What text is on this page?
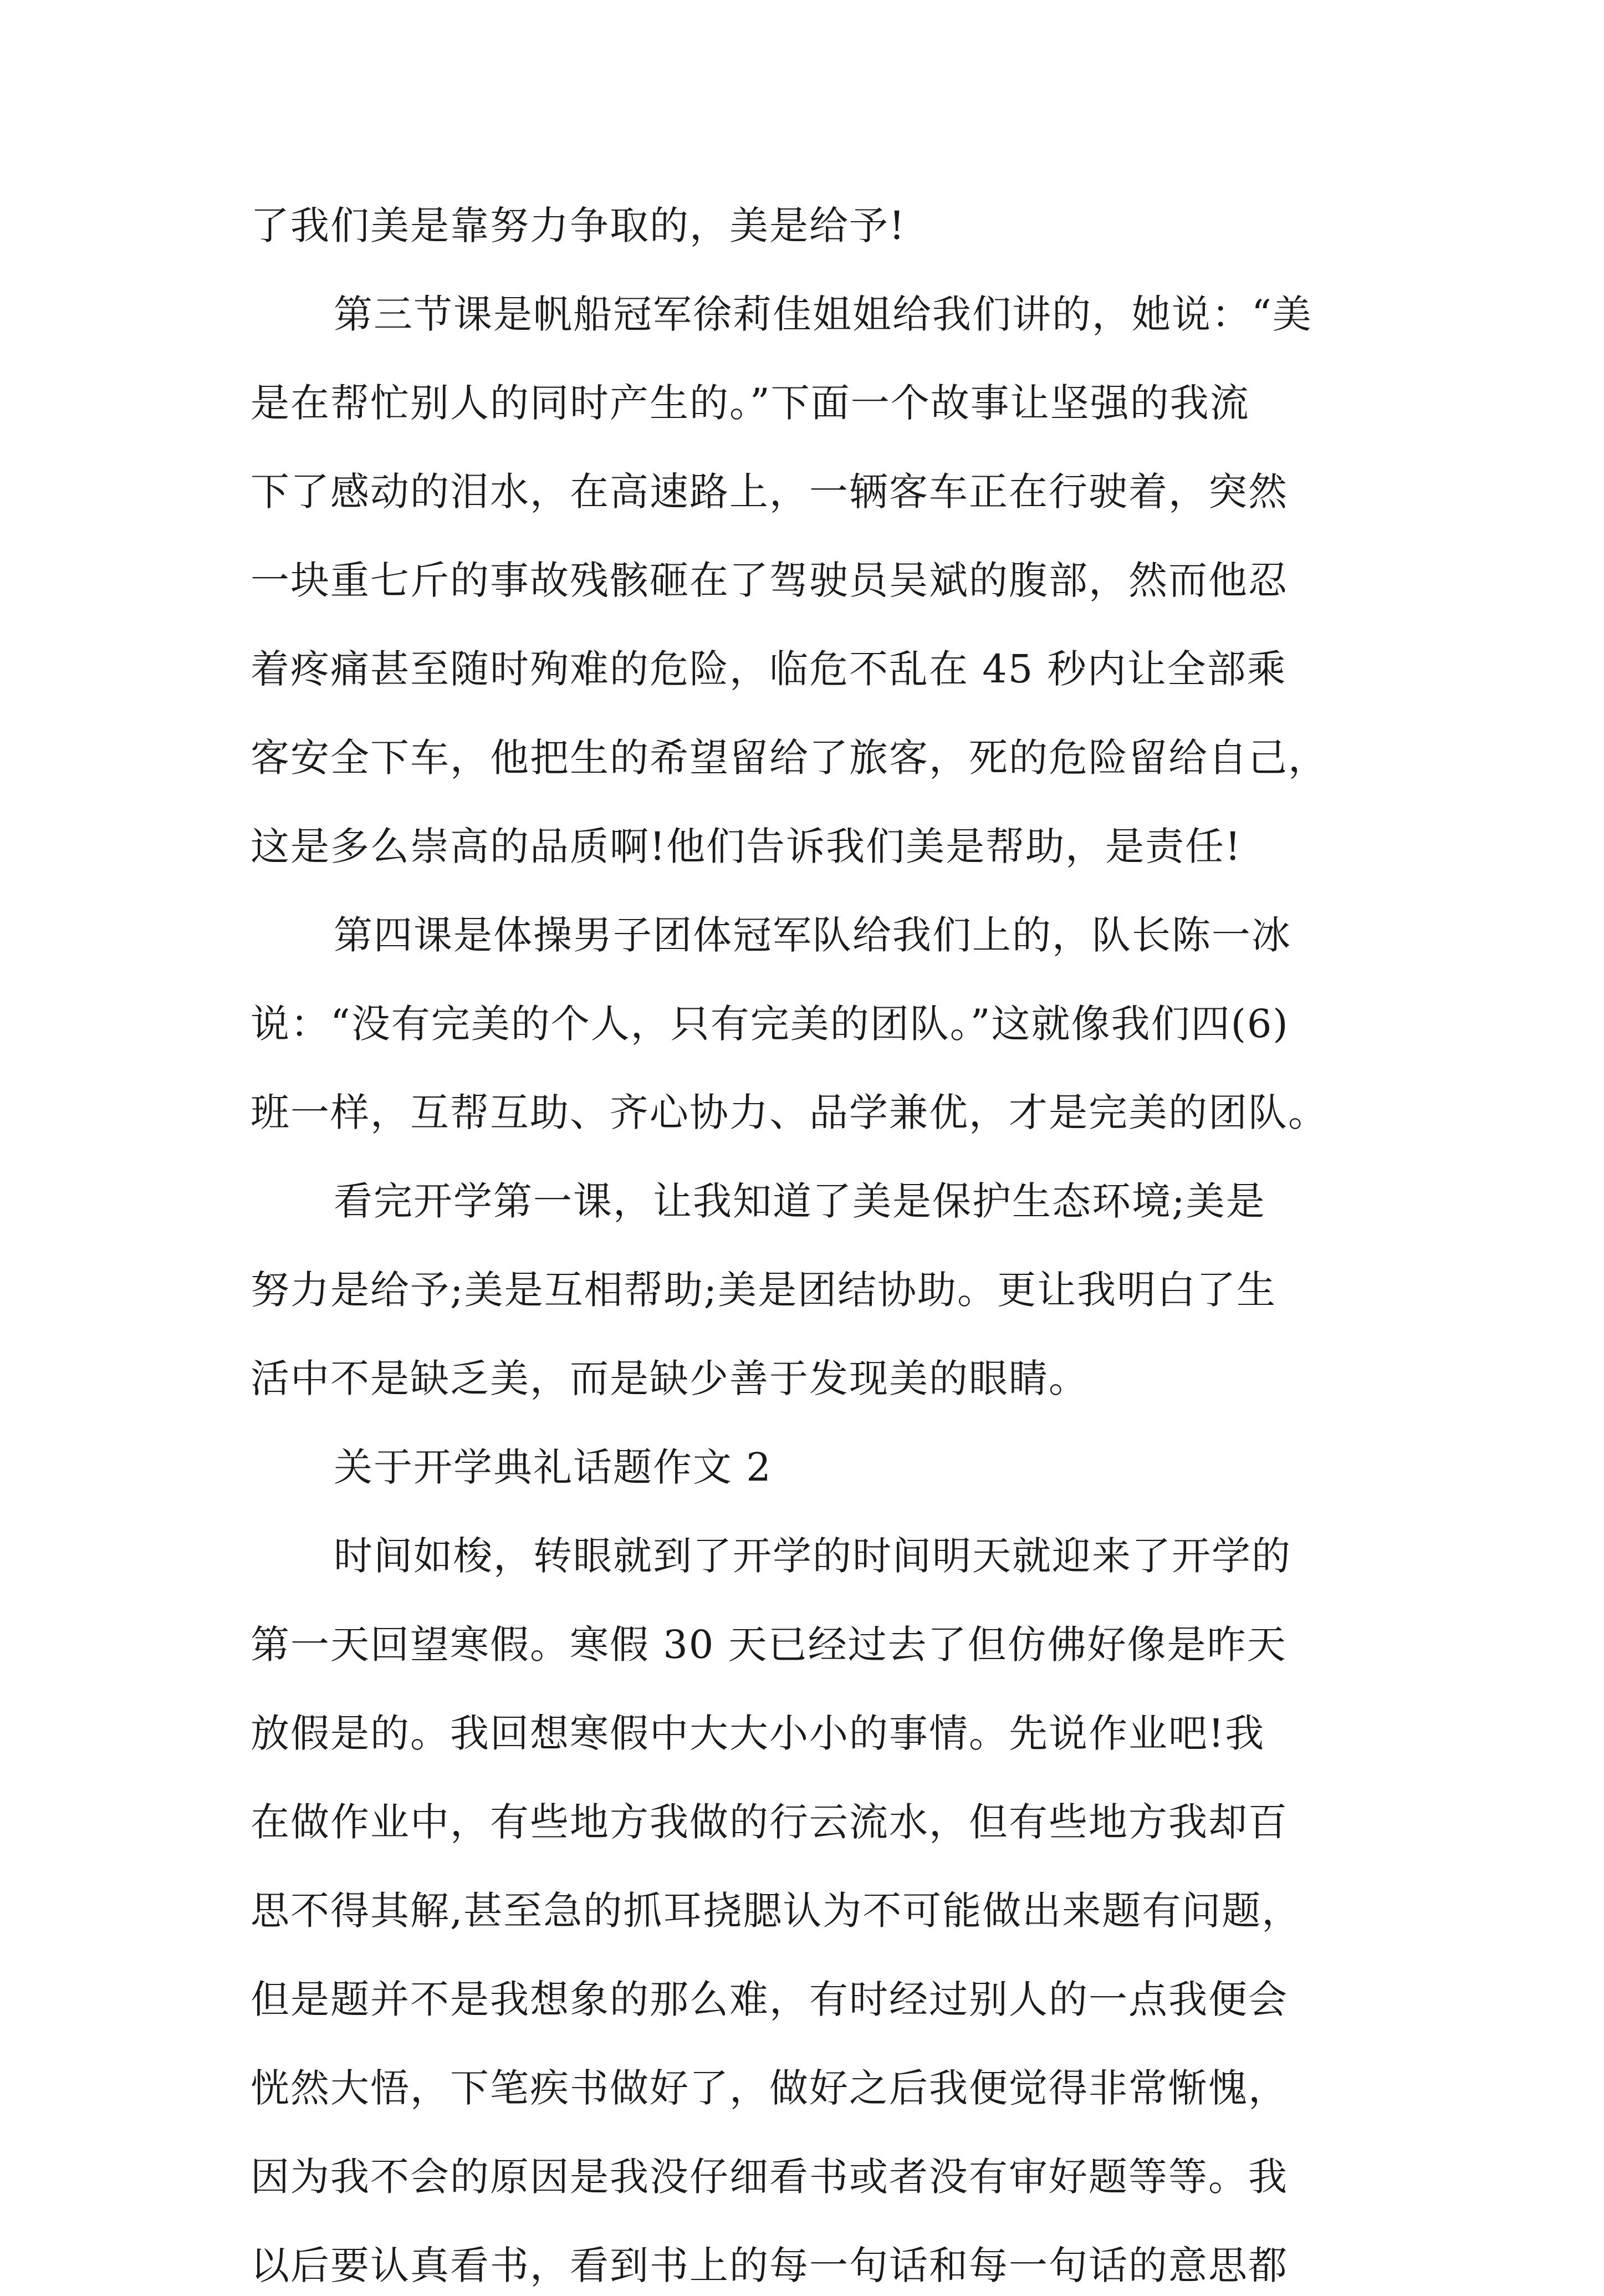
了我们美是靠努力争取的，美是给予!
第三节课是帆船冠军徐莉佳姐姐给我们讲的，她说：“美
是在帮忙别人的同时产生的。”下面一个故事让坚强的我流
下了感动的泪水，在高速路上，一辆客车正在行驶着，突然
一块重七斤的事故残骸砸在了驾驶员吴斌的腹部，然而他忍
着疼痛甚至随时殉难的危险，临危不乱在 45 秒内让全部乘
客安全下车，他把生的希望留给了旅客，死的危险留给自己，
这是多么崇高的品质啊!他们告诉我们美是帮助，是责任!
第四课是体操男子团体冠军队给我们上的，队长陈一冰
说：“没有完美的个人，只有完美的团队。”这就像我们四(6)
班一样，互帮互助、齐心协力、品学兼优，才是完美的团队。
看完开学第一课，让我知道了美是保护生态环境;美是
努力是给予;美是互相帮助;美是团结协助。更让我明白了生
活中不是缺乏美，而是缺少善于发现美的眼睛。
关于开学典礼话题作文 2
时间如梭，转眼就到了开学的时间明天就迎来了开学的
第一天回望寒假。寒假 30 天已经过去了但仿佛好像是昨天
放假是的。我回想寒假中大大小小的事情。先说作业吧!我
在做作业中，有些地方我做的行云流水，但有些地方我却百
思不得其解,甚至急的抓耳挠腮认为不可能做出来题有问题，
但是题并不是我想象的那么难，有时经过别人的一点我便会
恍然大悟，下笔疾书做好了，做好之后我便觉得非常惭愧，
因为我不会的原因是我没仔细看书或者没有审好题等等。我
以后要认真看书，看到书上的每一句话和每一句话的意思都
